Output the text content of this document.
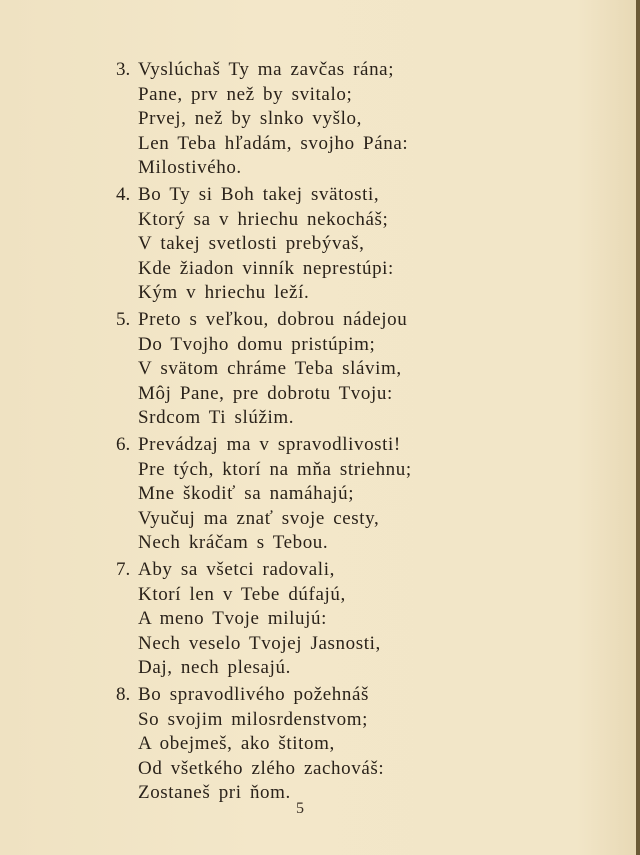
3. Vyslúchaš Ty ma zavčas rána;
Pane, prv než by svitalo;
Prvej, než by slnko vyšlo,
Len Teba hľadám, svojho Pána:
Milostivého.
4. Bo Ty si Boh takej svätosti,
Ktorý sa v hriechu nekocháš;
V takej svetlosti prebývaš,
Kde žiadon vinník neprestúpi:
Kým v hriechu leží.
5. Preto s veľkou, dobrou nádejou
Do Tvojho domu pristúpim;
V svätom chráme Teba slávim,
Môj Pane, pre dobrotu Tvoju:
Srdcom Ti slúžim.
6. Prevádzaj ma v spravodlivosti!
Pre tých, ktorí na mňa striehnu;
Mne škodiť sa namáhajú;
Vyučuj ma znať svoje cesty,
Nech kráčam s Tebou.
7. Aby sa všetci radovali,
Ktorí len v Tebe dúfajú,
A meno Tvoje milujú:
Nech veselo Tvojej Jasnosti,
Daj, nech plesajú.
8. Bo spravodlivého požehnáš
So svojim milosrdenstvom;
A obejmeš, ako štitom,
Od všetkého zlého zachováš:
Zostaneš pri ňom.
5
